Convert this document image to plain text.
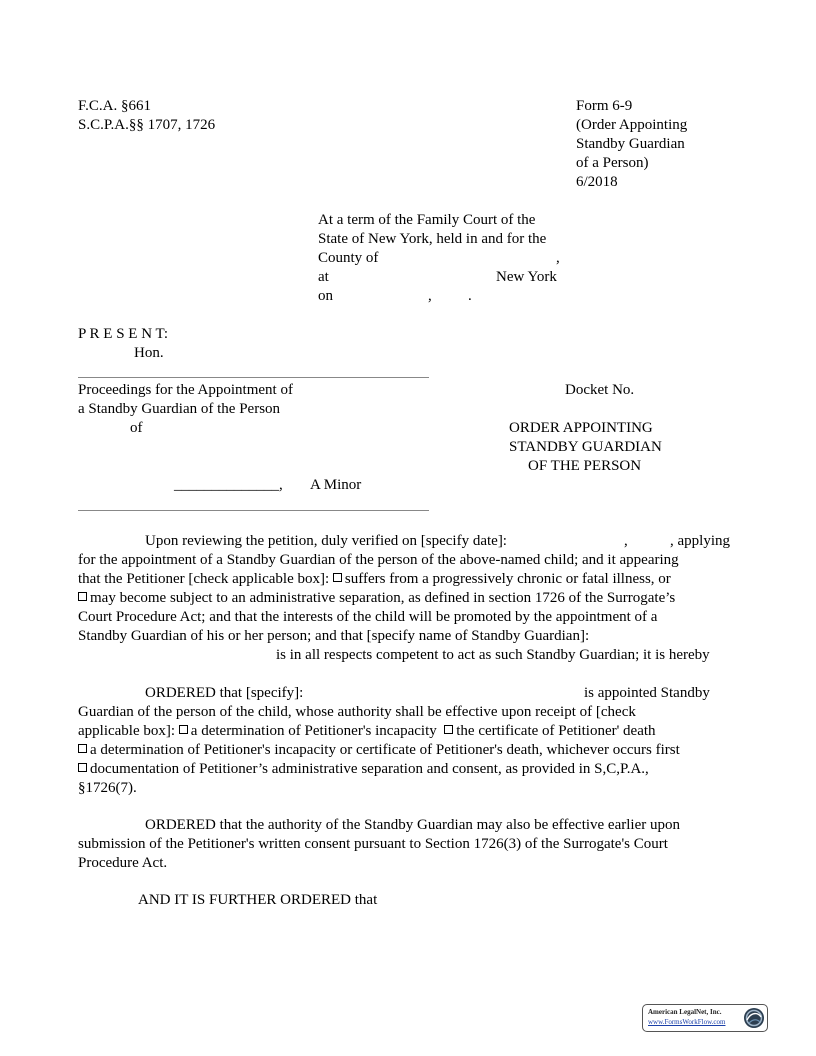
F.C.A. §661
S.C.P.A.§§ 1707, 1726
Form 6-9
(Order Appointing
Standby Guardian
of a Person)
6/2018
At a term of the Family Court of the
State of New York, held in and for the
County of	,
at	New York
on	, .
P R E S E N T:
Hon.
Proceedings for the Appointment of
a Standby Guardian of the Person
of
______________, A Minor
Docket No.
ORDER APPOINTING
STANDBY GUARDIAN
OF THE PERSON
Upon reviewing the petition, duly verified on [specify date]:	,	, applying
for the appointment of a Standby Guardian of the person of the above-named child; and it appearing
that the Petitioner [check applicable box]: suffers from a progressively chronic or fatal illness, or
may become subject to an administrative separation, as defined in section 1726 of the Surrogate’s
Court Procedure Act; and that the interests of the child will be promoted by the appointment of a
Standby Guardian of his or her person; and that [specify name of Standby Guardian]:
is in all respects competent to act as such Standby Guardian; it is hereby
ORDERED that [specify]:	is appointed Standby
Guardian of the person of the child, whose authority shall be effective upon receipt of [check
applicable box]: a determination of Petitioner's incapacity the certificate of Petitioner' death
a determination of Petitioner's incapacity or certificate of Petitioner's death, whichever occurs first
documentation of Petitioner’s administrative separation and consent, as provided in S,C,P.A.,
§1726(7).
ORDERED that the authority of the Standby Guardian may also be effective earlier upon
submission of the Petitioner's written consent pursuant to Section 1726(3) of the Surrogate's Court
Procedure Act.
AND IT IS FURTHER ORDERED that
American LegalNet, Inc.
www.FormsWorkFlow.com
